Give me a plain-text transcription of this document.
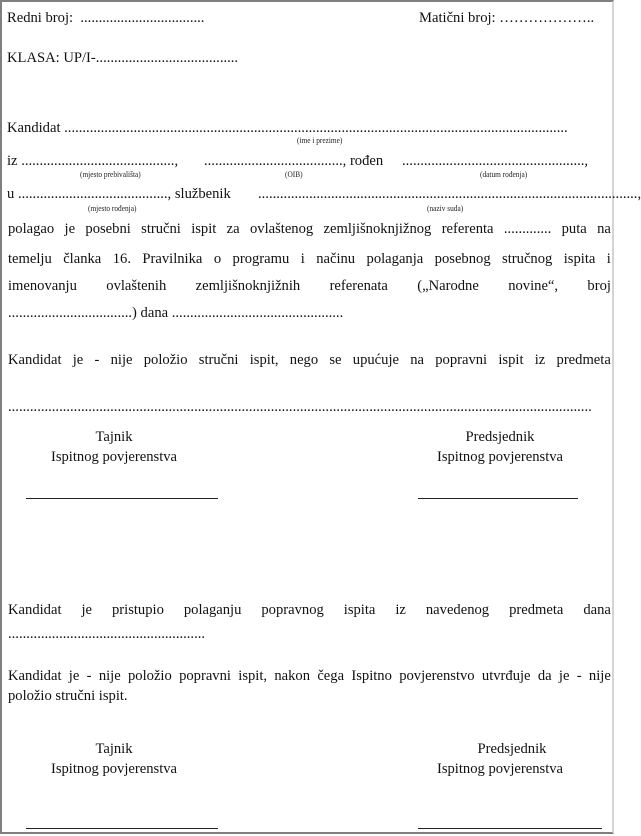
Redni broj: ..................................	Matični broj: ………………..
KLASA: UP/I-.......................................
Kandidat ..........................................................................................................................................
(ime i prezime)
iz .........................................., ......................................, rođen ..................................................,
(mjesto prebivališta)	(OIB)	(datum rođenja)
u ........................................., službenik ........................................................................................................,
(mjesto rođenja)	(naziv suda)
polagao je posebni stručni ispit za ovlaštenog zemljišnoknjižnog referenta ............. puta na
temelju članka 16. Pravilnika o programu i načinu polaganja posebnog stručnog ispita i
imenovanju ovlaštenih zemljišnoknjižnih referenata („Narodne novine“, broj
..................................) dana ...............................................
Kandidat je - nije položio stručni ispit, nego se upućuje na popravni ispit iz predmeta
................................................................................................................................................................
Tajnik
Ispitnog povjerenstva
Predsjednik
Ispitnog povjerenstva
Kandidat je pristupio polaganju popravnog ispita iz navedenog predmeta dana
......................................................
Kandidat je - nije položio popravni ispit, nakon čega Ispitno povjerenstvo utvrđuje da je - nije
položio stručni ispit.
Tajnik
Ispitnog povjerenstva
Predsjednik
Ispitnog povjerenstva
